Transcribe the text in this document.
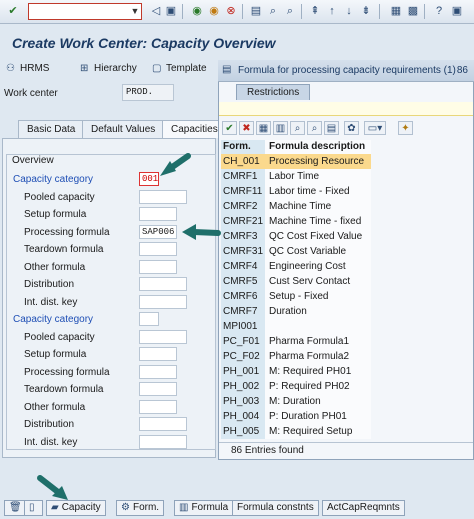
✔	▼ ◁ ▣ ◉ ◉ ⊗ ▤ ⌕ ⌕	⇞ ↑	↓ ⇟ ▦ ▩	? ▣
Create Work Center: Capacity Overview
⚇ HRMS	⊞ Hierarchy ▢ Template
Work center	PROD.
Basic Data	Default Values	Capacities
Overview
Capacity category	001
Pooled capacity
Setup formula
Processing formula	SAP006
Teardown formula
Other formula
Distribution
Int. dist. key
Capacity category
Pooled capacity
Setup formula
Processing formula
Teardown formula
Other formula
Distribution
Int. dist. key
Formula for processing capacity requirements (1) 86
▤
Restrictions
✔ ✖ ▦ ▥ ⌕	⌕ ▤	✿	▭▾	✦
Form.	Formula description
CH_001 Processing Resource
CMRF1	Labor Time
CMRF11 Labor time - Fixed
CMRF2	Machine Time
CMRF21 Machine Time - fixed
CMRF3	QC Cost Fixed Value
CMRF31 QC Cost Variable
CMRF4	Engineering Cost
CMRF5	Cust Serv Contact
CMRF6	Setup - Fixed
CMRF7	Duration
MPI001
PC_F01 Pharma Formula1
PC_F02 Pharma Formula2
PH_001 M: Required PH01
PH_002 P: Required PH02
PH_003 M: Duration
PH_004 P: Duration PH01
PH_005 M: Required Setup
86 Entries found
🗑 ▯	▰ Capacity	⚙ Form.	▥ Formula Formula constnts	ActCapReqmnts
